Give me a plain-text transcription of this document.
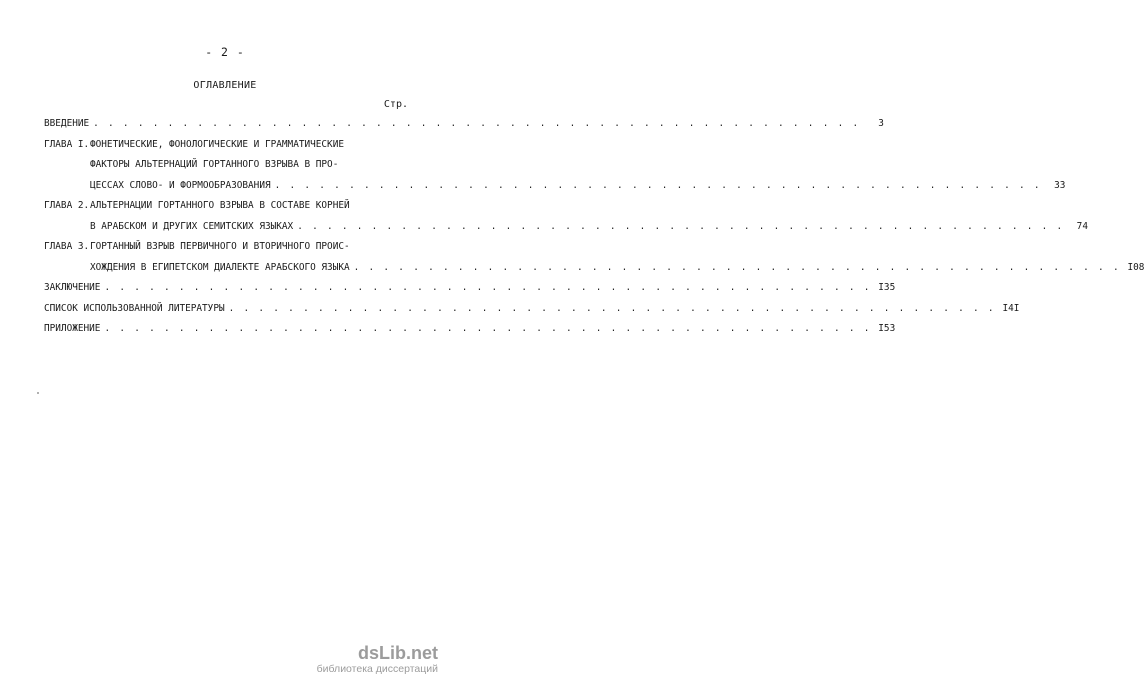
- 2 -
ОГЛАВЛЕНИЕ
Стр.
ВВЕДЕНИЕ . . . . . . . . . . . . . . . . . . . . . . . . . . . . . . . . . . . . . . . . . . . . . . . . . . . .	3
ГЛАВА I. ФОНЕТИЧЕСКИЕ, ФОНОЛОГИЧЕСКИЕ И ГРАММАТИЧЕСКИЕ
ФАКТОРЫ АЛЬТЕРНАЦИЙ ГОРТАННОГО ВЗРЫВА В ПРО-
ЦЕССАХ СЛОВО- И ФОРМООБРАЗОВАНИЯ . . . . . . . . . . . . . . . . . . . . . . . . . . . . . . . . . . . . . . . . . . . . . . . . . . . .	33
ГЛАВА 2. АЛЬТЕРНАЦИИ ГОРТАННОГО ВЗРЫВА В СОСТАВЕ КОРНЕЙ
В АРАБСКОМ И ДРУГИХ СЕМИТСКИХ ЯЗЫКАХ . . . . . . . . . . . . . . . . . . . . . . . . . . . . . . . . . . . . . . . . . . . . . . . . . . . .	74
ГЛАВА 3. ГОРТАННЫЙ ВЗРЫВ ПЕРВИЧНОГО И ВТОРИЧНОГО ПРОИС-
ХОЖДЕНИЯ В ЕГИПЕТСКОМ ДИАЛЕКТЕ АРАБСКОГО ЯЗЫКА . . . . . . . . . . . . . . . . . . . . . . . . . . . . . . . . . . . . . . . . . . . . . . . . . . . . I08
ЗАКЛЮЧЕНИЕ . . . . . . . . . . . . . . . . . . . . . . . . . . . . . . . . . . . . . . . . . . . . . . . . . . . . I35
СПИСОК ИСПОЛЬЗОВАННОЙ ЛИТЕРАТУРЫ . . . . . . . . . . . . . . . . . . . . . . . . . . . . . . . . . . . . . . . . . . . . . . . . . . . . I4I
ПРИЛОЖЕНИЕ . . . . . . . . . . . . . . . . . . . . . . . . . . . . . . . . . . . . . . . . . . . . . . . . . . . . I53
dsLib.net
библиотека диссертаций
